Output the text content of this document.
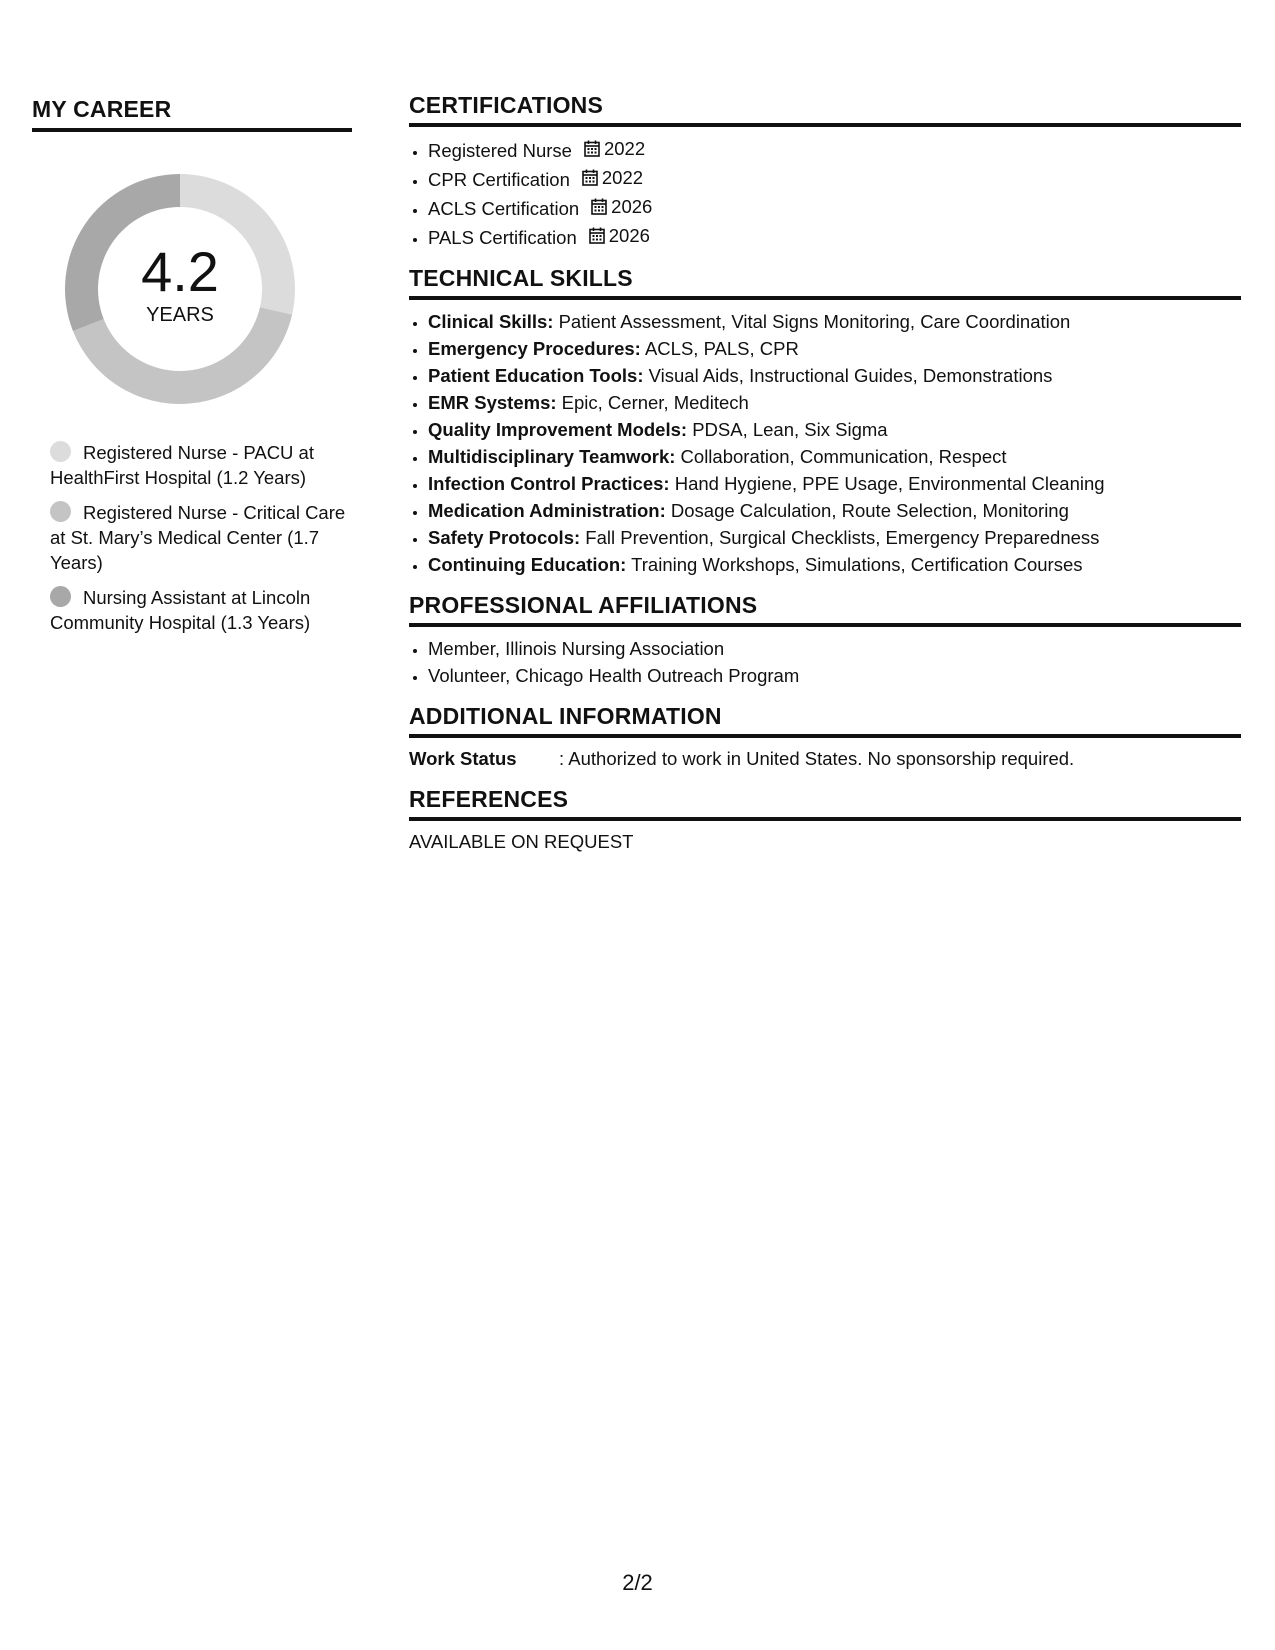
MY CAREER
4.2
YEARS
Registered Nurse - PACU at HealthFirst Hospital (1.2 Years)
Registered Nurse - Critical Care at St. Mary’s Medical Center (1.7 Years)
Nursing Assistant at Lincoln Community Hospital (1.3 Years)
CERTIFICATIONS
• Registered Nurse 2022
• CPR Certification 2022
• ACLS Certification 2026
• PALS Certification 2026
TECHNICAL SKILLS
• Clinical Skills: Patient Assessment, Vital Signs Monitoring, Care Coordination
• Emergency Procedures: ACLS, PALS, CPR
• Patient Education Tools: Visual Aids, Instructional Guides, Demonstrations
• EMR Systems: Epic, Cerner, Meditech
• Quality Improvement Models: PDSA, Lean, Six Sigma
• Multidisciplinary Teamwork: Collaboration, Communication, Respect
• Infection Control Practices: Hand Hygiene, PPE Usage, Environmental Cleaning
• Medication Administration: Dosage Calculation, Route Selection, Monitoring
• Safety Protocols: Fall Prevention, Surgical Checklists, Emergency Preparedness
• Continuing Education: Training Workshops, Simulations, Certification Courses
PROFESSIONAL AFFILIATIONS
• Member, Illinois Nursing Association
• Volunteer, Chicago Health Outreach Program
ADDITIONAL INFORMATION
Work Status	: Authorized to work in United States. No sponsorship required.
REFERENCES
AVAILABLE ON REQUEST
2/2
